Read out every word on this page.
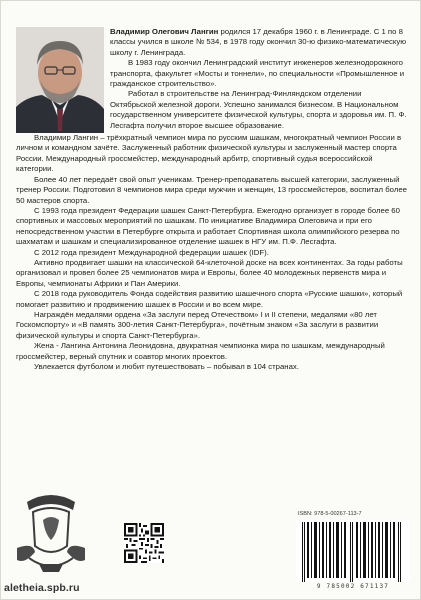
Владимир Олегович Лангин родился 17 декабря 1960 г. в Ленинграде. С 1 по 8 классы учился в школе № 534, в 1978 году окончил 30-ю физико-математическую школу г. Ленинграда.

В 1983 году окончил Ленинградский институт инженеров железнодорожного транспорта, факультет «Мосты и тоннели», по специальности «Промышленное и гражданское строительство».

Работал в строительстве на Ленинград-Финляндском отделении Октябрьской железной дороги. Успешно занимался бизнесом. В Национальном государственном университете физической культуры, спорта и здоровья им. П. Ф. Лесгафта получил второе высшее образование.

Владимир Лангин – трёхкратный чемпион мира по русским шашкам, многократный чемпион России в личном и командном зачёте. Заслуженный работник физической культуры и заслуженный мастер спорта России. Международный гроссмейстер, международный арбитр, спортивный судья всероссийской категории.

Более 40 лет передаёт свой опыт ученикам. Тренер-преподаватель высшей категории, заслуженный тренер России. Подготовил 8 чемпионов мира среди мужчин и женщин, 13 гроссмейстеров, воспитал более 50 мастеров спорта.

С 1993 года президент Федерации шашек Санкт-Петербурга. Ежегодно организует в городе более 60 спортивных и массовых мероприятий по шашкам. По инициативе Владимира Олеговича и при его непосредственном участии в Петербурге открыта и работает Спортивная школа олимпийского резерва по шахматам и шашкам и специализированное отделение шашек в НГУ им. П.Ф. Лесгафта.

С 2012 года президент Международной федерации шашек (IDF).

Активно продвигает шашки на классической 64-клеточной доске на всех континентах. За годы работы организовал и провел более 25 чемпионатов мира и Европы, более 40 молодежных первенств мира и Европы, чемпионаты Африки и Пан Америки.

С 2018 года руководитель Фонда содействия развитию шашечного спорта «Русские шашки», который помогает развитию и продвижению шашек в России и во всем мире.

Награждён медалями ордена «За заслуги перед Отечеством» I и II степени, медалями «80 лет Госкомспорту» и «В память 300-летия Санкт-Петербурга», почётным знаком «За заслуги в развитии физической культуры и спорта Санкт-Петербурга».

Жена - Лангина Антонина Леонидовна, двукратная чемпионка мира по шашкам, международный гроссмейстер, верный спутник и соавтор многих проектов.

Увлекается футболом и любит путешествовать – побывал в 104 странах.

aletheia.spb.ru
ISBN: 978-5-00267-113-7
9 785002 671137
